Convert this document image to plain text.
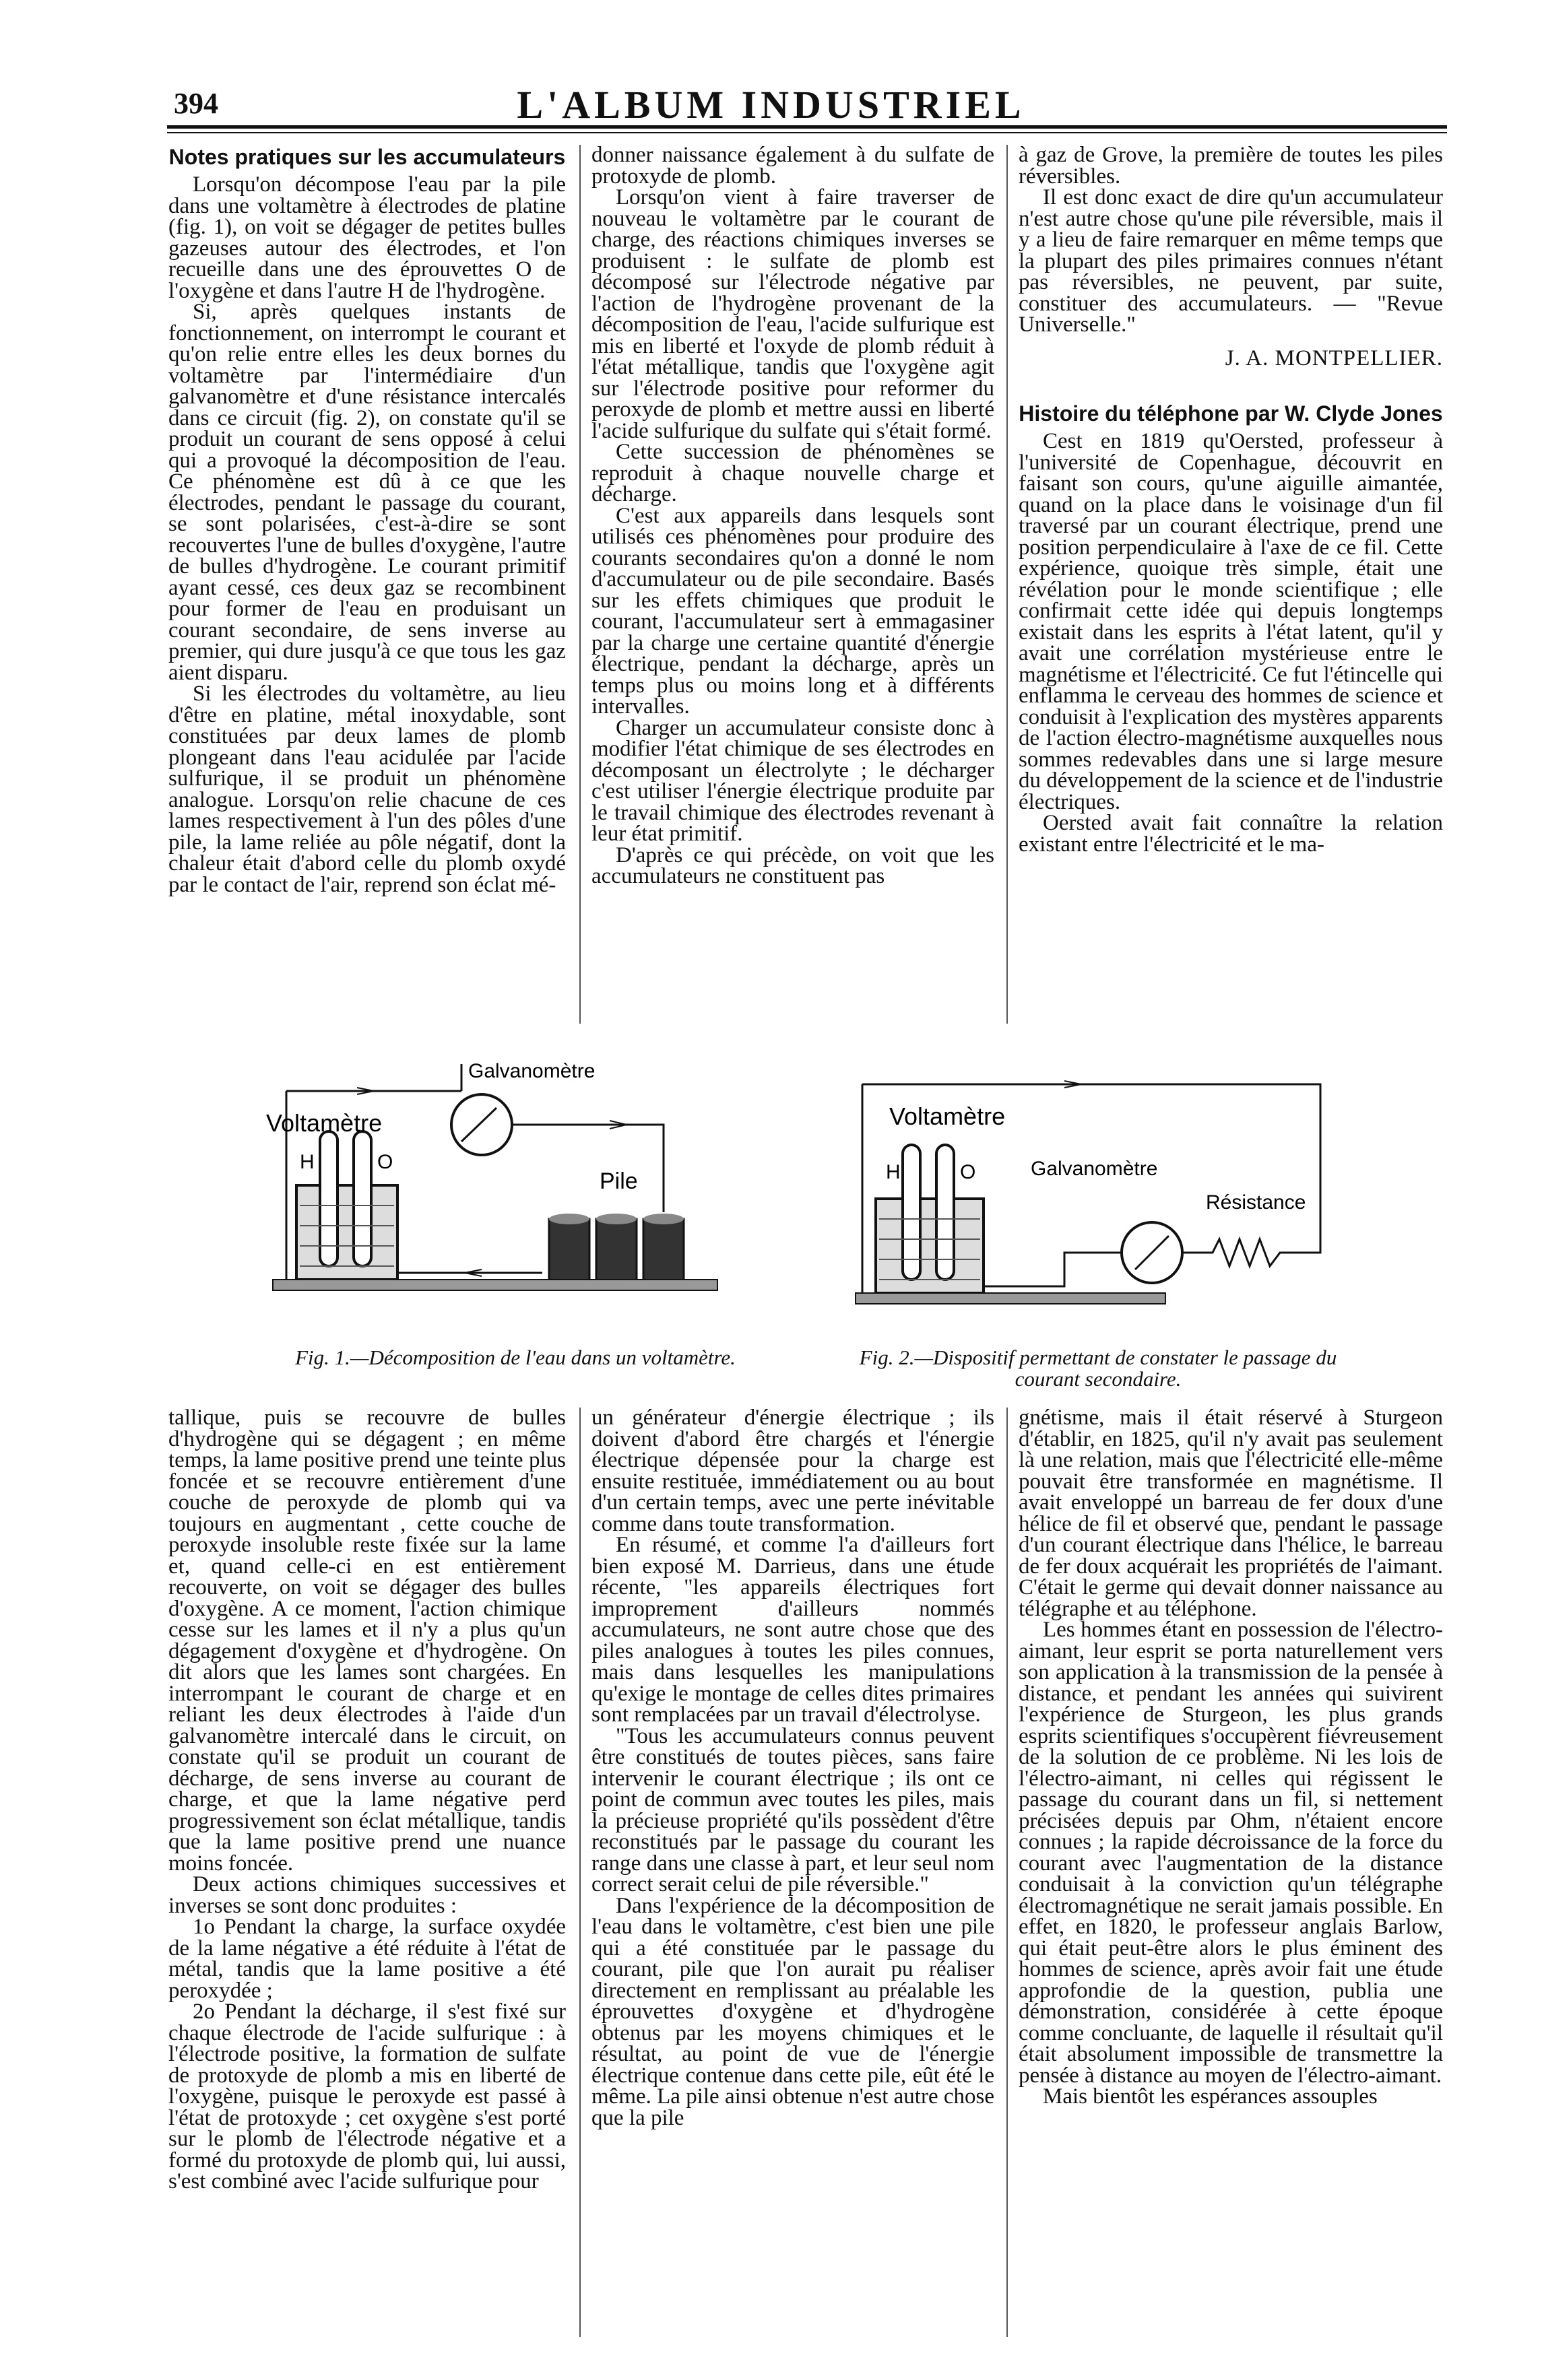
394	L'ALBUM INDUSTRIEL
Notes pratiques sur les accumulateurs

Lorsqu'on décompose l'eau par la pile dans une voltamètre à électrodes de platine (fig. 1), on voit se dégager de petites bulles gazeuses autour des électrodes, et l'on recueille dans une des éprouvettes O de l'oxygène et dans l'autre H de l'hydrogène.

Si, après quelques instants de fonctionnement, on interrompt le courant et qu'on relie entre elles les deux bornes du voltamètre par l'intermédiaire d'un galvanomètre et d'une résistance intercalés dans ce circuit (fig. 2), on constate qu'il se produit un courant de sens opposé à celui qui a provoqué la décomposition de l'eau. Ce phénomène est dû à ce que les électrodes, pendant le passage du courant, se sont polarisées, c'est-à-dire se sont recouvertes l'une de bulles d'oxygène, l'autre de bulles d'hydrogène. Le courant primitif ayant cessé, ces deux gaz se recombinent pour former de l'eau en produisant un courant secondaire, de sens inverse au premier, qui dure jusqu'à ce que tous les gaz aient disparu.

Si les électrodes du voltamètre, au lieu d'être en platine, métal inoxydable, sont constituées par deux lames de plomb plongeant dans l'eau acidulée par l'acide sulfurique, il se produit un phénomène analogue. Lorsqu'on relie chacune de ces lames respectivement à l'un des pôles d'une pile, la lame reliée au pôle négatif, dont la chaleur était d'abord celle du plomb oxydé par le contact de l'air, reprend son éclat mé-

donner naissance également à du sulfate de protoxyde de plomb.

Lorsqu'on vient à faire traverser de nouveau le voltamètre par le courant de charge, des réactions chimiques inverses se produisent : le sulfate de plomb est décomposé sur l'électrode négative par l'action de l'hydrogène provenant de la décomposition de l'eau, l'acide sulfurique est mis en liberté et l'oxyde de plomb réduit à l'état métallique, tandis que l'oxygène agit sur l'électrode positive pour reformer du peroxyde de plomb et mettre aussi en liberté l'acide sulfurique du sulfate qui s'était formé.

Cette succession de phénomènes se reproduit à chaque nouvelle charge et décharge.

C'est aux appareils dans lesquels sont utilisés ces phénomènes pour produire des courants secondaires qu'on a donné le nom d'accumulateur ou de pile secondaire. Basés sur les effets chimiques que produit le courant, l'accumulateur sert à emmagasiner par la charge une certaine quantité d'énergie électrique, pendant la décharge, après un temps plus ou moins long et à différents intervalles.

Charger un accumulateur consiste donc à modifier l'état chimique de ses électrodes en décomposant un électrolyte ; le décharger c'est utiliser l'énergie électrique produite par le travail chimique des électrodes revenant à leur état primitif.

D'après ce qui précède, on voit que les accumulateurs ne constituent pas

à gaz de Grove, la première de toutes les piles réversibles.

Il est donc exact de dire qu'un accumulateur n'est autre chose qu'une pile réversible, mais il y a lieu de faire remarquer en même temps que la plupart des piles primaires connues n'étant pas réversibles, ne peuvent, par suite, constituer des accumulateurs. — "Revue Universelle."

J. A. MONTPELLIER.
Histoire du téléphone par W. Clyde Jones

Cest en 1819 qu'Oersted, professeur à l'université de Copenhague, découvrit en faisant son cours, qu'une aiguille aimantée, quand on la place dans le voisinage d'un fil traversé par un courant électrique, prend une position perpendiculaire à l'axe de ce fil. Cette expérience, quoique très simple, était une révélation pour le monde scientifique ; elle confirmait cette idée qui depuis longtemps existait dans les esprits à l'état latent, qu'il y avait une corrélation mystérieuse entre le magnétisme et l'électricité. Ce fut l'étincelle qui enflamma le cerveau des hommes de science et conduisit à l'explication des mystères apparents de l'action électro-magnétisme auxquelles nous sommes redevables dans une si large mesure du développement de la science et de l'industrie électriques.

Oersted avait fait connaître la relation existant entre l'électricité et le ma-

Galvanomètre
Voltamètre
H	O
Pile
Fig. 1.—Décomposition de l'eau dans un voltamètre.
Voltamètre
H	O	Galvanomètre
Résistance
Fig. 2.—Dispositif permettant de constater le passage du courant secondaire.

tallique, puis se recouvre de bulles d'hydrogène qui se dégagent ; en même temps, la lame positive prend une teinte plus foncée et se recouvre entièrement d'une couche de peroxyde de plomb qui va toujours en augmentant , cette couche de peroxyde insoluble reste fixée sur la lame et, quand celle-ci en est entièrement recouverte, on voit se dégager des bulles d'oxygène. A ce moment, l'action chimique cesse sur les lames et il n'y a plus qu'un dégagement d'oxygène et d'hydrogène. On dit alors que les lames sont chargées. En interrompant le courant de charge et en reliant les deux électrodes à l'aide d'un galvanomètre intercalé dans le circuit, on constate qu'il se produit un courant de décharge, de sens inverse au courant de charge, et que la lame négative perd progressivement son éclat métallique, tandis que la lame positive prend une nuance moins foncée.

Deux actions chimiques successives et inverses se sont donc produites :

1o Pendant la charge, la surface oxydée de la lame négative a été réduite à l'état de métal, tandis que la lame positive a été peroxydée ;

2o Pendant la décharge, il s'est fixé sur chaque électrode de l'acide sulfurique : à l'électrode positive, la formation de sulfate de protoxyde de plomb a mis en liberté de l'oxygène, puisque le peroxyde est passé à l'état de protoxyde ; cet oxygène s'est porté sur le plomb de l'électrode négative et a formé du protoxyde de plomb qui, lui aussi, s'est combiné avec l'acide sulfurique pour

un générateur d'énergie électrique ; ils doivent d'abord être chargés et l'énergie électrique dépensée pour la charge est ensuite restituée, immédiatement ou au bout d'un certain temps, avec une perte inévitable comme dans toute transformation.

En résumé, et comme l'a d'ailleurs fort bien exposé M. Darrieus, dans une étude récente, "les appareils électriques fort improprement d'ailleurs nommés accumulateurs, ne sont autre chose que des piles analogues à toutes les piles connues, mais dans lesquelles les manipulations qu'exige le montage de celles dites primaires sont remplacées par un travail d'électrolyse.

"Tous les accumulateurs connus peuvent être constitués de toutes pièces, sans faire intervenir le courant électrique ; ils ont ce point de commun avec toutes les piles, mais la précieuse propriété qu'ils possèdent d'être reconstitués par le passage du courant les range dans une classe à part, et leur seul nom correct serait celui de pile réversible."

Dans l'expérience de la décomposition de l'eau dans le voltamètre, c'est bien une pile qui a été constituée par le passage du courant, pile que l'on aurait pu réaliser directement en remplissant au préalable les éprouvettes d'oxygène et d'hydrogène obtenus par les moyens chimiques et le résultat, au point de vue de l'énergie électrique contenue dans cette pile, eût été le même. La pile ainsi obtenue n'est autre chose que la pile

gnétisme, mais il était réservé à Sturgeon d'établir, en 1825, qu'il n'y avait pas seulement là une relation, mais que l'électricité elle-même pouvait être transformée en magnétisme. Il avait enveloppé un barreau de fer doux d'une hélice de fil et observé que, pendant le passage d'un courant électrique dans l'hélice, le barreau de fer doux acquérait les propriétés de l'aimant. C'était le germe qui devait donner naissance au télégraphe et au téléphone.

Les hommes étant en possession de l'électro-aimant, leur esprit se porta naturellement vers son application à la transmission de la pensée à distance, et pendant les années qui suivirent l'expérience de Sturgeon, les plus grands esprits scientifiques s'occupèrent fiévreusement de la solution de ce problème. Ni les lois de l'électro-aimant, ni celles qui régissent le passage du courant dans un fil, si nettement précisées depuis par Ohm, n'étaient encore connues ; la rapide décroissance de la force du courant avec l'augmentation de la distance conduisait à la conviction qu'un télégraphe électromagnétique ne serait jamais possible. En effet, en 1820, le professeur anglais Barlow, qui était peut-être alors le plus éminent des hommes de science, après avoir fait une étude approfondie de la question, publia une démonstration, considérée à cette époque comme concluante, de laquelle il résultait qu'il était absolument impossible de transmettre la pensée à distance au moyen de l'électro-aimant.

Mais bientôt les espérances assouples
